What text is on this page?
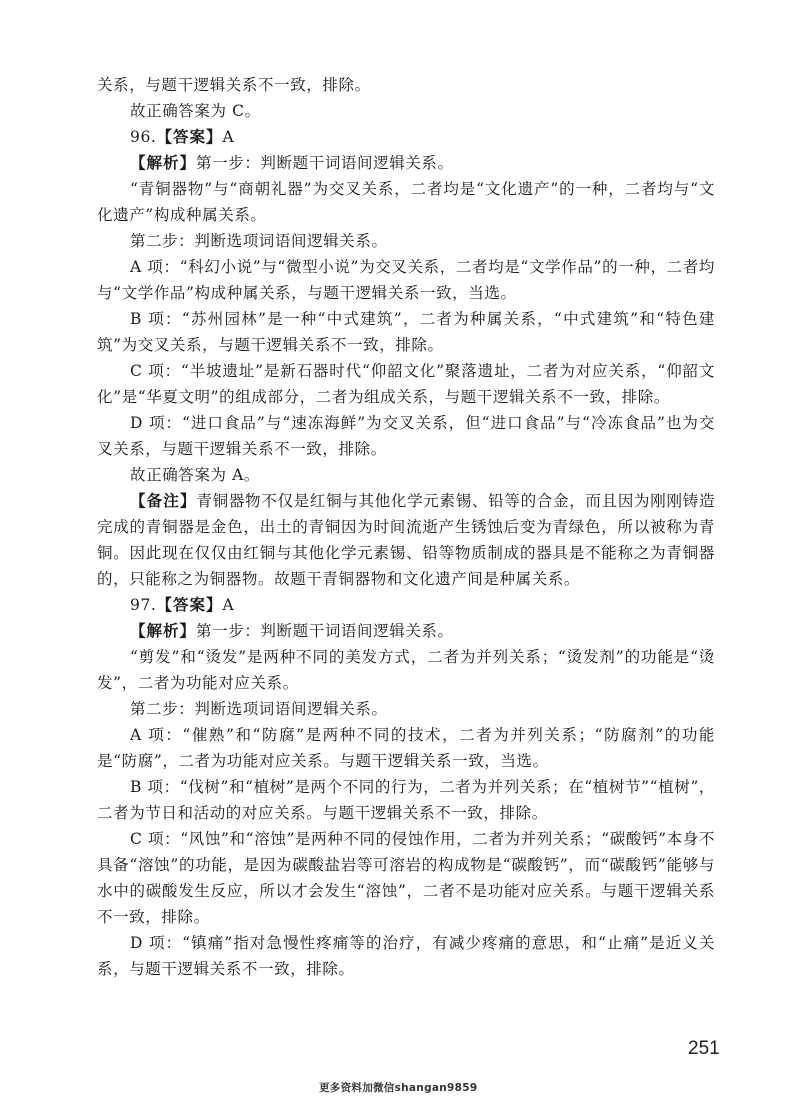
关系，与题干逻辑关系不一致，排除。

故正确答案为 C。

96.【答案】A

【解析】第一步：判断题干词语间逻辑关系。

“青铜器物”与“商朝礼器”为交叉关系，二者均是“文化遗产”的一种，二者均与“文化遗产”构成种属关系。

第二步：判断选项词语间逻辑关系。

A 项：“科幻小说”与“微型小说”为交叉关系，二者均是“文学作品”的一种，二者均与“文学作品”构成种属关系，与题干逻辑关系一致，当选。

B 项：“苏州园林”是一种“中式建筑”，二者为种属关系，“中式建筑”和“特色建筑”为交叉关系，与题干逻辑关系不一致，排除。

C 项：“半坡遗址”是新石器时代“仰韶文化”聚落遗址，二者为对应关系，“仰韶文化”是“华夏文明”的组成部分，二者为组成关系，与题干逻辑关系不一致，排除。

D 项：“进口食品”与“速冻海鲜”为交叉关系，但“进口食品”与“冷冻食品”也为交叉关系，与题干逻辑关系不一致，排除。

故正确答案为 A。

【备注】青铜器物不仅是红铜与其他化学元素锡、铅等的合金，而且因为刚刚铸造完成的青铜器是金色，出土的青铜因为时间流逝产生锈蚀后变为青绿色，所以被称为青铜。因此现在仅仅由红铜与其他化学元素锡、铅等物质制成的器具是不能称之为青铜器的，只能称之为铜器物。故题干青铜器物和文化遗产间是种属关系。

97.【答案】A

【解析】第一步：判断题干词语间逻辑关系。

“剪发”和“烫发”是两种不同的美发方式，二者为并列关系；“烫发剂”的功能是“烫发”，二者为功能对应关系。

第二步：判断选项词语间逻辑关系。

A 项：“催熟”和“防腐”是两种不同的技术，二者为并列关系；“防腐剂”的功能是“防腐”，二者为功能对应关系。与题干逻辑关系一致，当选。

B 项：“伐树”和“植树”是两个不同的行为，二者为并列关系；在“植树节”“植树”，二者为节日和活动的对应关系。与题干逻辑关系不一致，排除。

C 项：“风蚀”和“溶蚀”是两种不同的侵蚀作用，二者为并列关系；“碳酸钙”本身不具备“溶蚀”的功能，是因为碳酸盐岩等可溶岩的构成物是“碳酸钙”，而“碳酸钙”能够与水中的碳酸发生反应，所以才会发生“溶蚀”，二者不是功能对应关系。与题干逻辑关系不一致，排除。

D 项：“镇痛”指对急慢性疼痛等的治疗，有减少疼痛的意思，和“止痛”是近义关系，与题干逻辑关系不一致，排除。

251
更多资料加微信shangan9859
